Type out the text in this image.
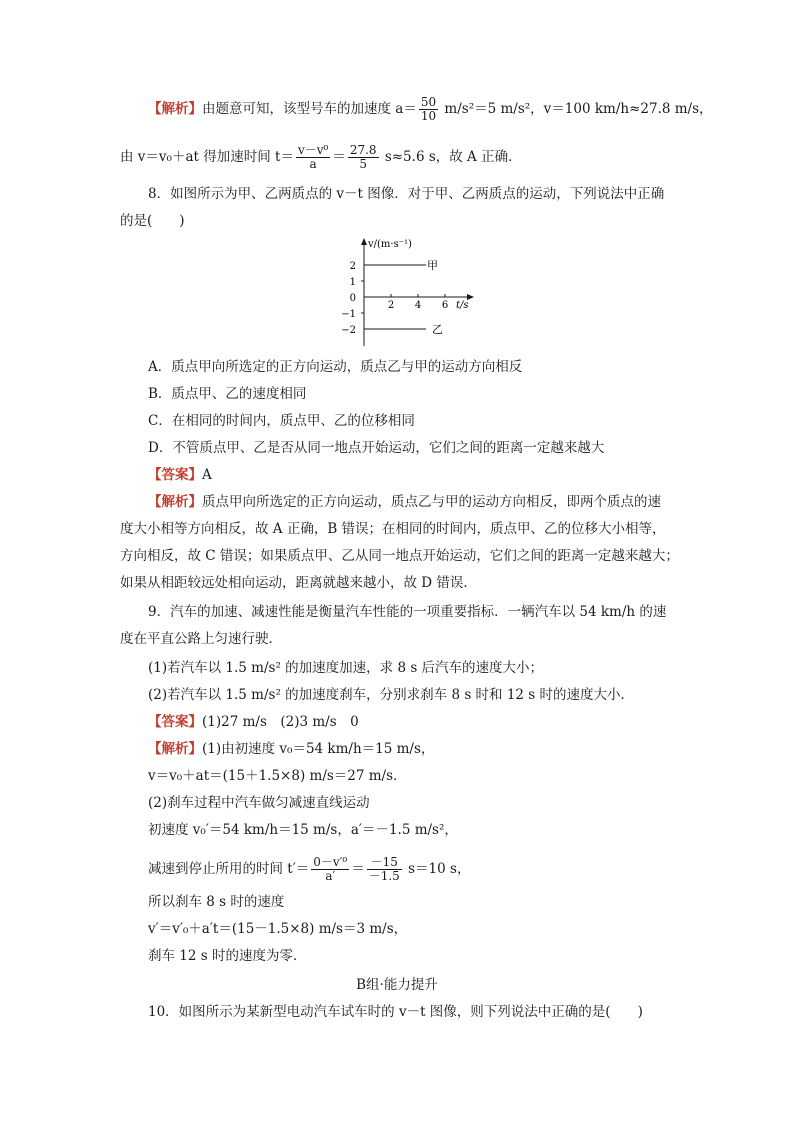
【解析】由题意可知，该型号车的加速度 $a= \frac{50}{10} m/s^2=5$ m/s²，v＝100 km/h≈27.8 m/s，
由 v＝v₀＋at 得加速时间 $t= \frac{\text{v－v⁰}}{a} = \frac{27.8}{5} s\approx 5.6$ s，故 A 正确．
8．如图所示为甲、乙两质点的 v－t 图像．对于甲、乙两质点的运动，下列说法中正确
的是(　　)
v/(m·s⁻¹)
t/s
2
1
0
−1
−2
2 4 6
甲
乙
A．质点甲向所选定的正方向运动，质点乙与甲的运动方向相反
B．质点甲、乙的速度相同
C．在相同的时间内，质点甲、乙的位移相同
D．不管质点甲、乙是否从同一地点开始运动，它们之间的距离一定越来越大
【答案】A
【解析】质点甲向所选定的正方向运动，质点乙与甲的运动方向相反，即两个质点的速
度大小相等方向相反，故 A 正确，B 错误；在相同的时间内，质点甲、乙的位移大小相等，
方向相反，故 C 错误；如果质点甲、乙从同一地点开始运动，它们之间的距离一定越来越大；
如果从相距较远处相向运动，距离就越来越小，故 D 错误．
9．汽车的加速、减速性能是衡量汽车性能的一项重要指标．一辆汽车以 54 km/h 的速
度在平直公路上匀速行驶．
(1)若汽车以 1.5 m/s² 的加速度加速，求 8 s 后汽车的速度大小；
(2)若汽车以 1.5 m/s² 的加速度刹车，分别求刹车 8 s 时和 12 s 时的速度大小．
【答案】(1)27 m/s　(2)3 m/s　0
【解析】(1)由初速度 v₀＝54 km/h＝15 m/s，
v＝v₀＋at＝(15＋1.5×8) m/s＝27 m/s．
(2)刹车过程中汽车做匀减速直线运动
初速度 v₀′＝54 km/h＝15 m/s，a′＝－1.5 m/s²，
减速到停止所用的时间 $t'= \frac{\text{0－v′⁰}}{a'} = \frac{-15}{-1.5} s=10$ s，
所以刹车 8 s 时的速度
v′＝v′₀＋a′t＝(15－1.5×8) m/s＝3 m/s，
刹车 12 s 时的速度为零．
B组·能力提升
10．如图所示为某新型电动汽车试车时的 v－t 图像，则下列说法中正确的是(　　)
